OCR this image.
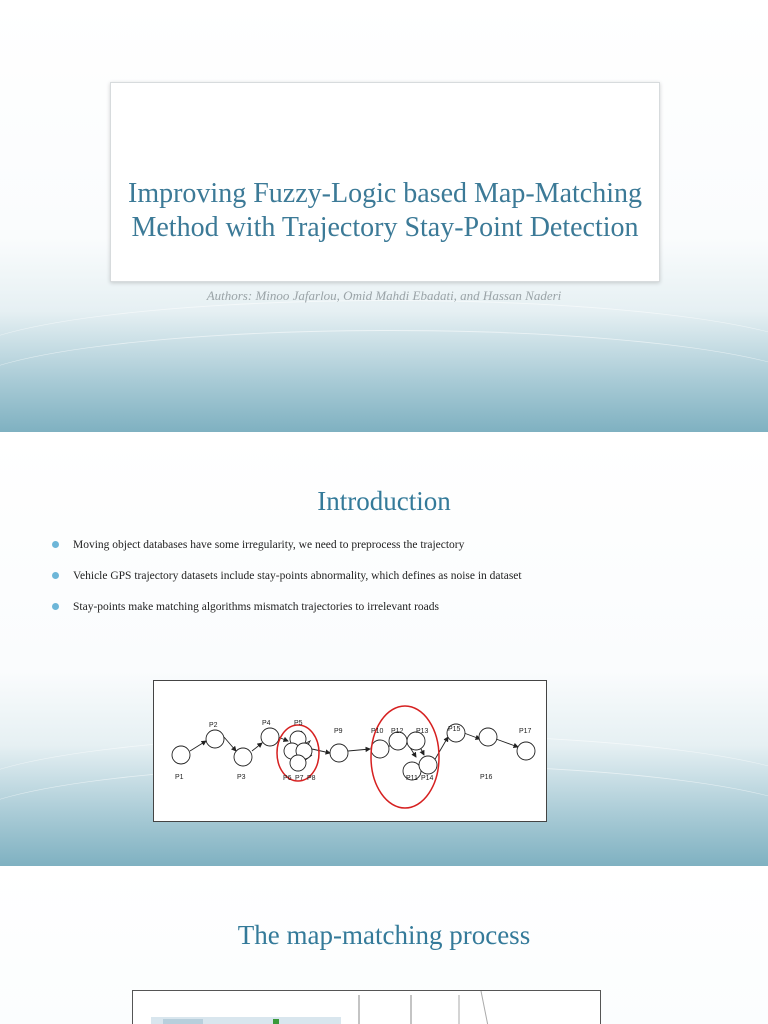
Improving Fuzzy-Logic based Map-Matching Method with Trajectory Stay-Point Detection
Authors: Minoo Jafarlou, Omid Mahdi Ebadati, and Hassan Naderi
Introduction
Moving object databases have some irregularity, we need to preprocess the trajectory
Vehicle GPS trajectory datasets include stay-points abnormality, which defines as noise in dataset
Stay-points make matching algorithms mismatch trajectories to irrelevant roads
P1
P2
P3
P4	P5
P6 P7 P8
P9	P10
P11
P12 P13
P14
P15
P16
P17
The map-matching process
